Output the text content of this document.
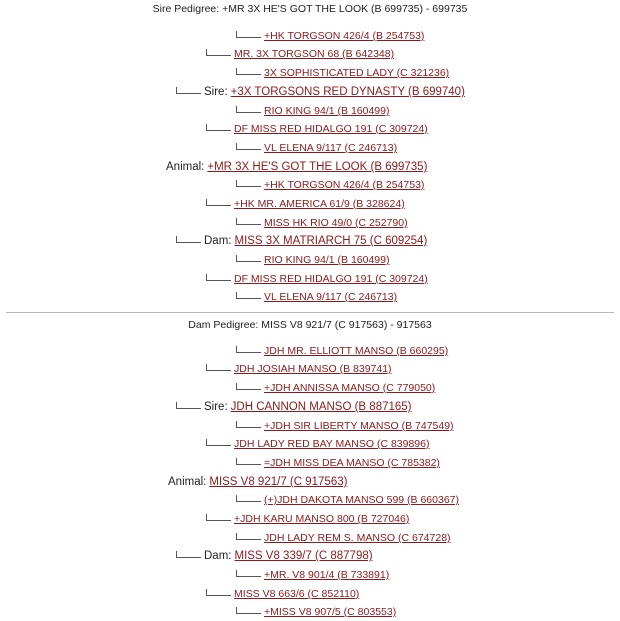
Sire Pedigree: +MR 3X HE'S GOT THE LOOK (B 699735) - 699735
+HK TORGSON 426/4 (B 254753)
MR. 3X TORGSON 68 (B 642348)
3X SOPHISTICATED LADY (C 321236)
Sire: +3X TORGSONS RED DYNASTY (B 699740)
RIO KING 94/1 (B 160499)
DF MISS RED HIDALGO 191 (C 309724)
VL ELENA 9/117 (C 246713)
Animal: +MR 3X HE'S GOT THE LOOK (B 699735)
+HK TORGSON 426/4 (B 254753)
+HK MR. AMERICA 61/9 (B 328624)
MISS HK RIO 49/0 (C 252790)
Dam: MISS 3X MATRIARCH 75 (C 609254)
RIO KING 94/1 (B 160499)
DF MISS RED HIDALGO 191 (C 309724)
VL ELENA 9/117 (C 246713)
Dam Pedigree: MISS V8 921/7 (C 917563) - 917563
JDH MR. ELLIOTT MANSO (B 660295)
JDH JOSIAH MANSO (B 839741)
+JDH ANNISSA MANSO (C 779050)
Sire: JDH CANNON MANSO (B 887165)
+JDH SIR LIBERTY MANSO (B 747549)
JDH LADY RED BAY MANSO (C 839896)
=JDH MISS DEA MANSO (C 785382)
Animal: MISS V8 921/7 (C 917563)
(+)JDH DAKOTA MANSO 599 (B 660367)
+JDH KARU MANSO 800 (B 727046)
JDH LADY REM S. MANSO (C 674728)
Dam: MISS V8 339/7 (C 887798)
+MR. V8 901/4 (B 733891)
MISS V8 663/6 (C 852110)
+MISS V8 907/5 (C 803553)
